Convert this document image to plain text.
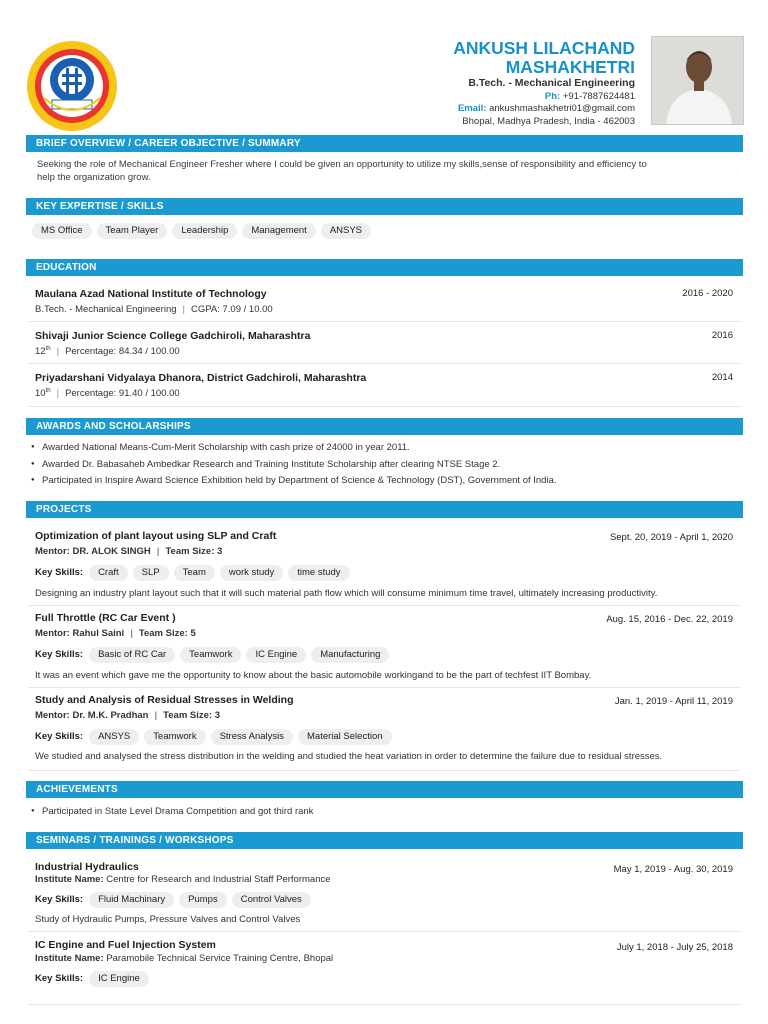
ANKUSH LILACHAND
MASHAKHETRI
B.Tech. - Mechanical Engineering
Ph: +91-7887624481
Email: ankushmashakhetri01@gmail.com
Bhopal, Madhya Pradesh, India - 462003
BRIEF OVERVIEW / CAREER OBJECTIVE / SUMMARY
Seeking the role of Mechanical Engineer Fresher where I could be given an opportunity to utilize my skills,sense of responsibility and efficiency to
help the organization grow.
KEY EXPERTISE / SKILLS
MS Office Team Player Leadership Management ANSYS
EDUCATION
Maulana Azad National Institute of Technology	2016 - 2020
B.Tech. - Mechanical Engineering | CGPA: 7.09 / 10.00
Shivaji Junior Science College Gadchiroli, Maharashtra	2016
12th | Percentage: 84.34 / 100.00
Priyadarshani Vidyalaya Dhanora, District Gadchiroli, Maharashtra	2014
10th | Percentage: 91.40 / 100.00
AWARDS AND SCHOLARSHIPS
● Awarded National Means-Cum-Merit Scholarship with cash prize of 24000 in year 2011.
● Awarded Dr. Babasaheb Ambedkar Research and Training Institute Scholarship after clearing NTSE Stage 2.
● Participated in Inspire Award Science Exhibition held by Department of Science & Technology (DST), Government of India.
PROJECTS
Optimization of plant layout using SLP and Craft	Sept. 20, 2019 - April 1, 2020
Mentor: DR. ALOK SINGH | Team Size: 3
Key Skills: Craft SLP Team work study time study
Designing an industry plant layout such that it will such material path flow which will consume minimum time travel, ultimately increasing productivity.
Full Throttle (RC Car Event )	Aug. 15, 2016 - Dec. 22, 2019
Mentor: Rahul Saini | Team Size: 5
Key Skills: Basic of RC Car Teamwork IC Engine Manufacturing
It was an event which gave me the opportunity to know about the basic automobile workingand to be the part of techfest IIT Bombay.
Study and Analysis of Residual Stresses in Welding	Jan. 1, 2019 - April 11, 2019
Mentor: Dr. M.K. Pradhan | Team Size: 3
Key Skills: ANSYS Teamwork Stress Analysis Material Selection
We studied and analysed the stress distribution in the welding and studied the heat variation in order to determine the failure due to residual stresses.
ACHIEVEMENTS
● Participated in State Level Drama Competition and got third rank
SEMINARS / TRAININGS / WORKSHOPS
Industrial Hydraulics	May 1, 2019 - Aug. 30, 2019
Institute Name: Centre for Research and Industrial Staff Performance
Key Skills: Fluid Machinary Pumps Control Valves
Study of Hydraulic Pumps, Pressure Valves and Control Valves
IC Engine and Fuel Injection System	July 1, 2018 - July 25, 2018
Institute Name: Paramobile Technical Service Training Centre, Bhopal
Key Skills: IC Engine
